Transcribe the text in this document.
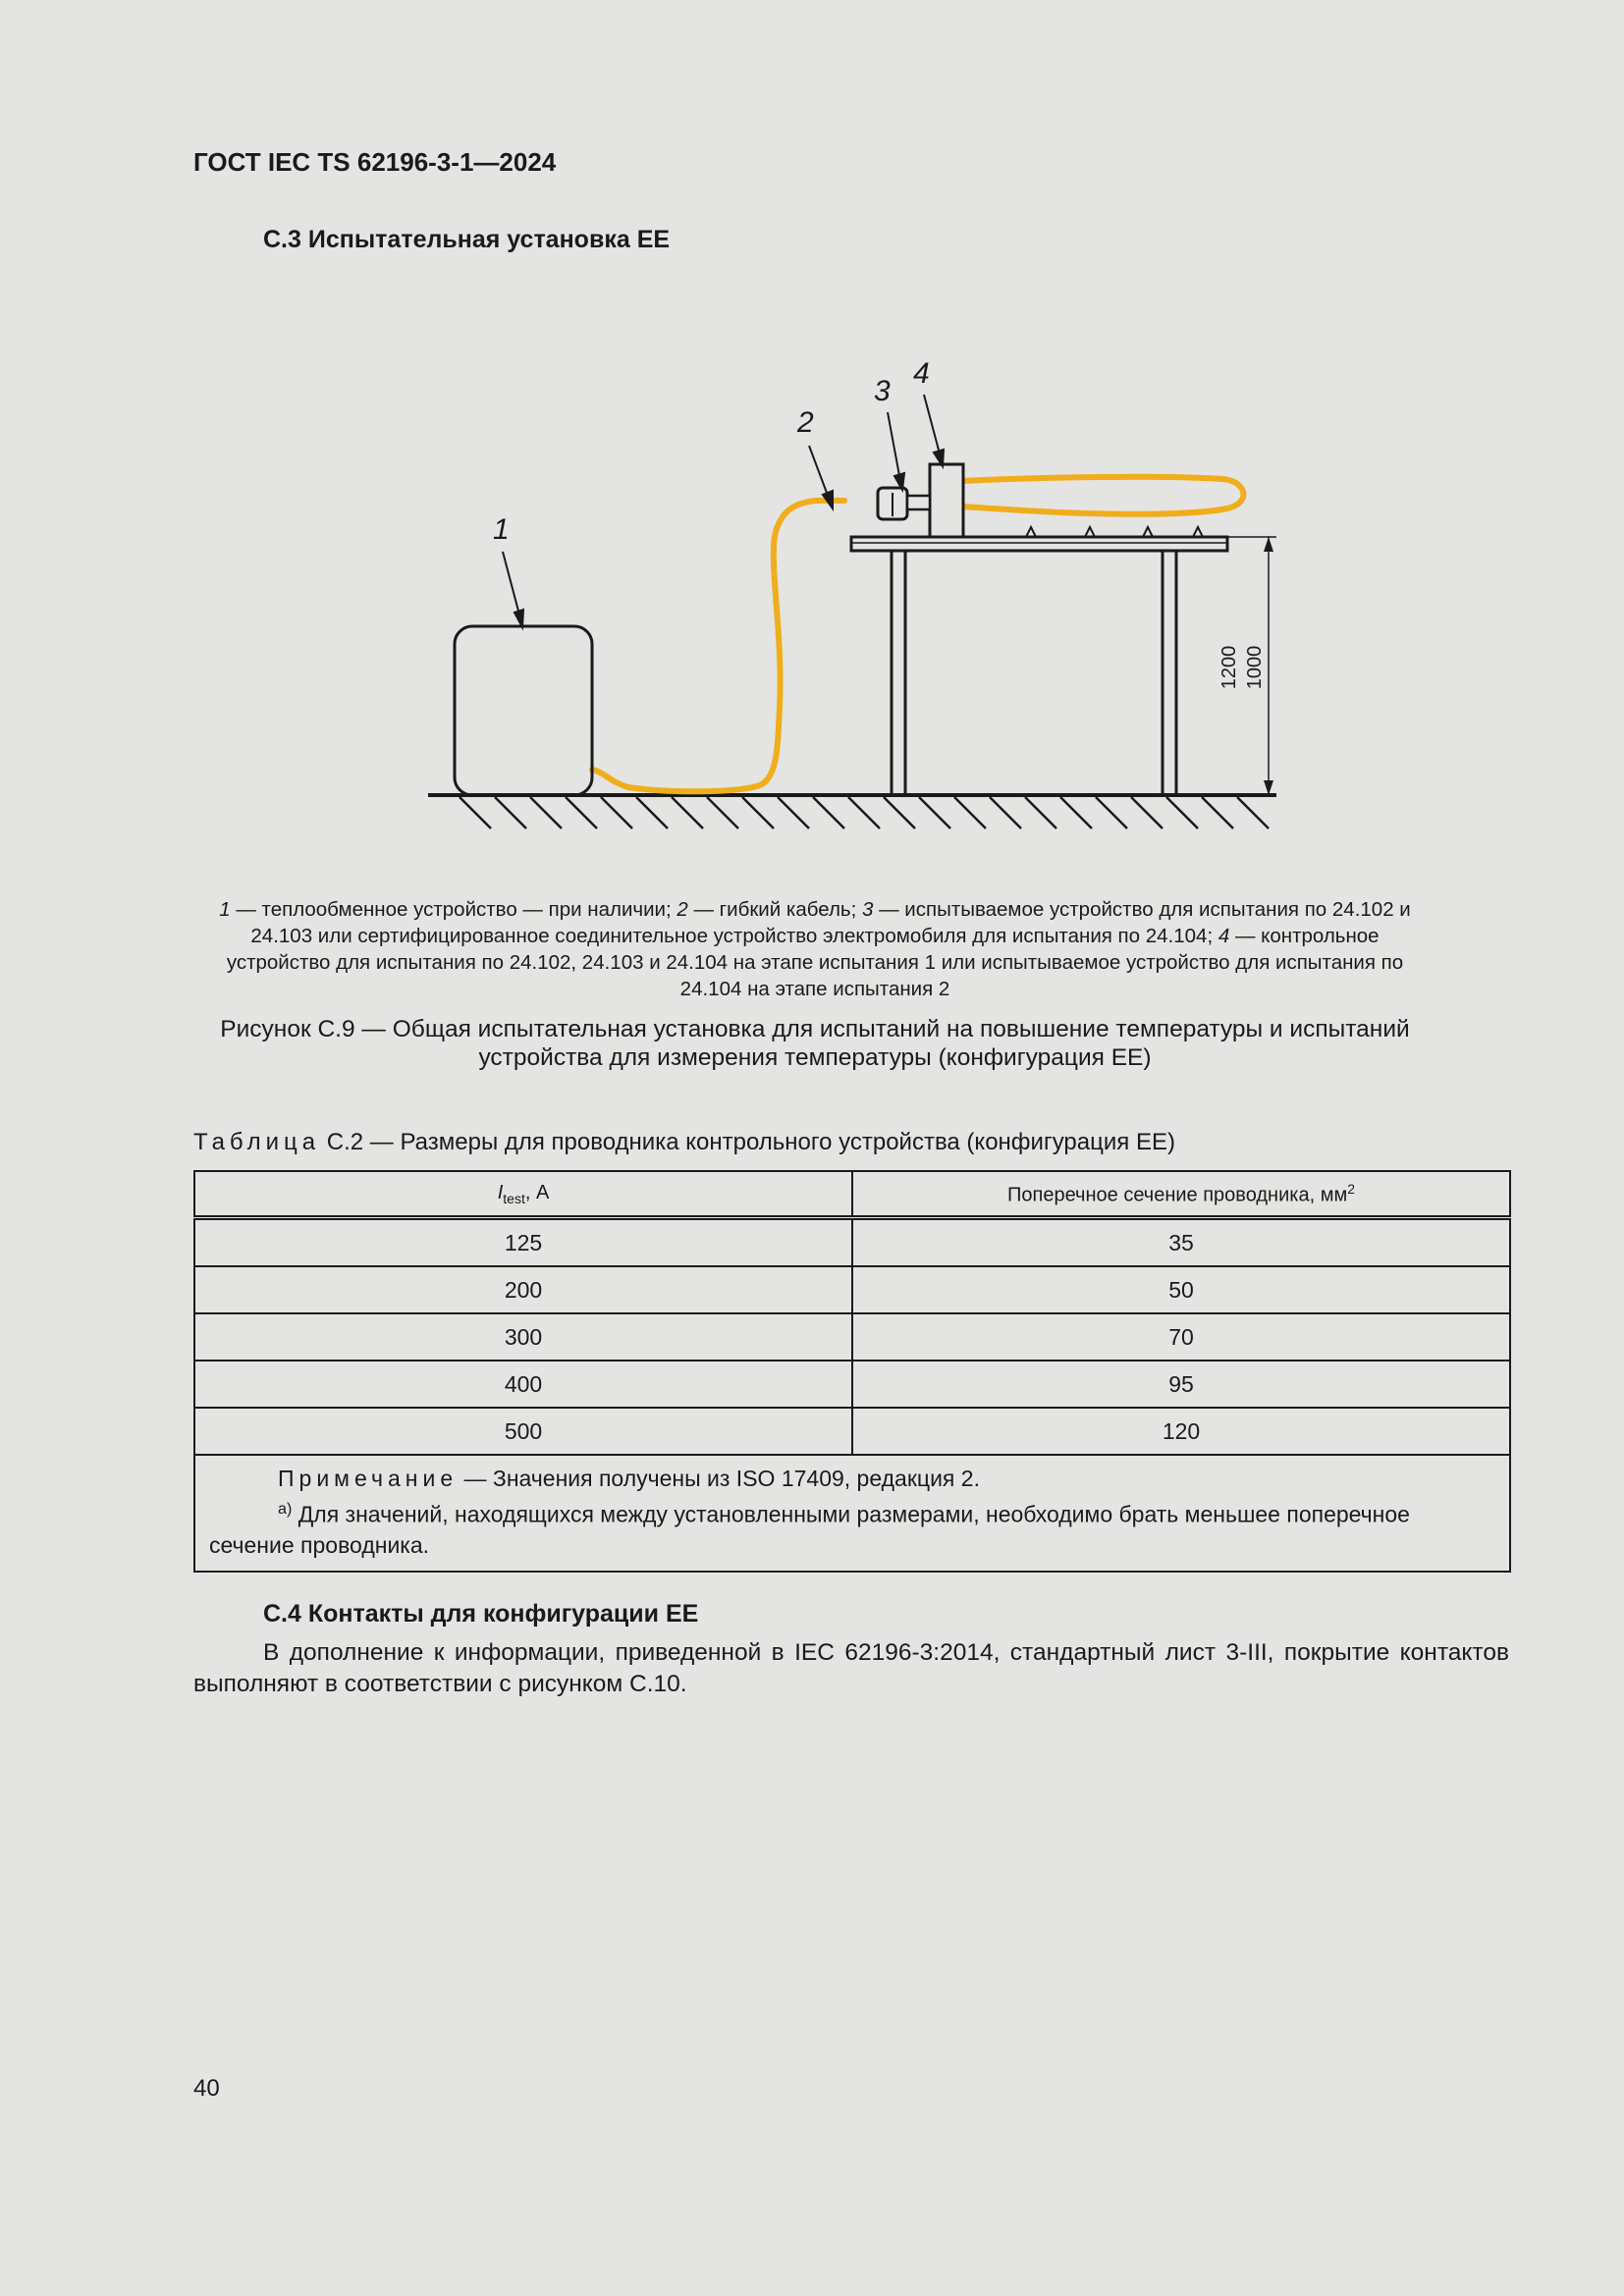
ГОСТ IEC TS 62196-3-1—2024
С.3 Испытательная установка ЕЕ
1200 1000
1
2
3
4
1 — теплообменное устройство — при наличии; 2 — гибкий кабель; 3 — испытываемое устройство для испытания по 24.102 и 24.103 или сертифицированное соединительное устройство электромобиля для испытания по 24.104; 4 — контрольное устройство для испытания по 24.102, 24.103 и 24.104 на этапе испытания 1 или испытываемое устройство для испытания по 24.104 на этапе испытания 2
Рисунок С.9 — Общая испытательная установка для испытаний на повышение температуры и испытаний устройства для измерения температуры (конфигурация ЕЕ)
Таблица С.2 — Размеры для проводника контрольного устройства (конфигурация ЕЕ)
$I_{test}$, А	Поперечное сечение проводника, $мм^2$
125	35
200	50
300	70
400	95
500	120

Примечание — Значения получены из ISO 17409, редакция 2.
$^{a)}$ Для значений, находящихся между установленными размерами, необходимо брать меньшее поперечное сечение проводника.	
С.4 Контакты для конфигурации ЕЕ
В дополнение к информации, приведенной в IEC 62196-3:2014, стандартный лист 3-III, покрытие контактов выполняют в соответствии с рисунком С.10.
40
